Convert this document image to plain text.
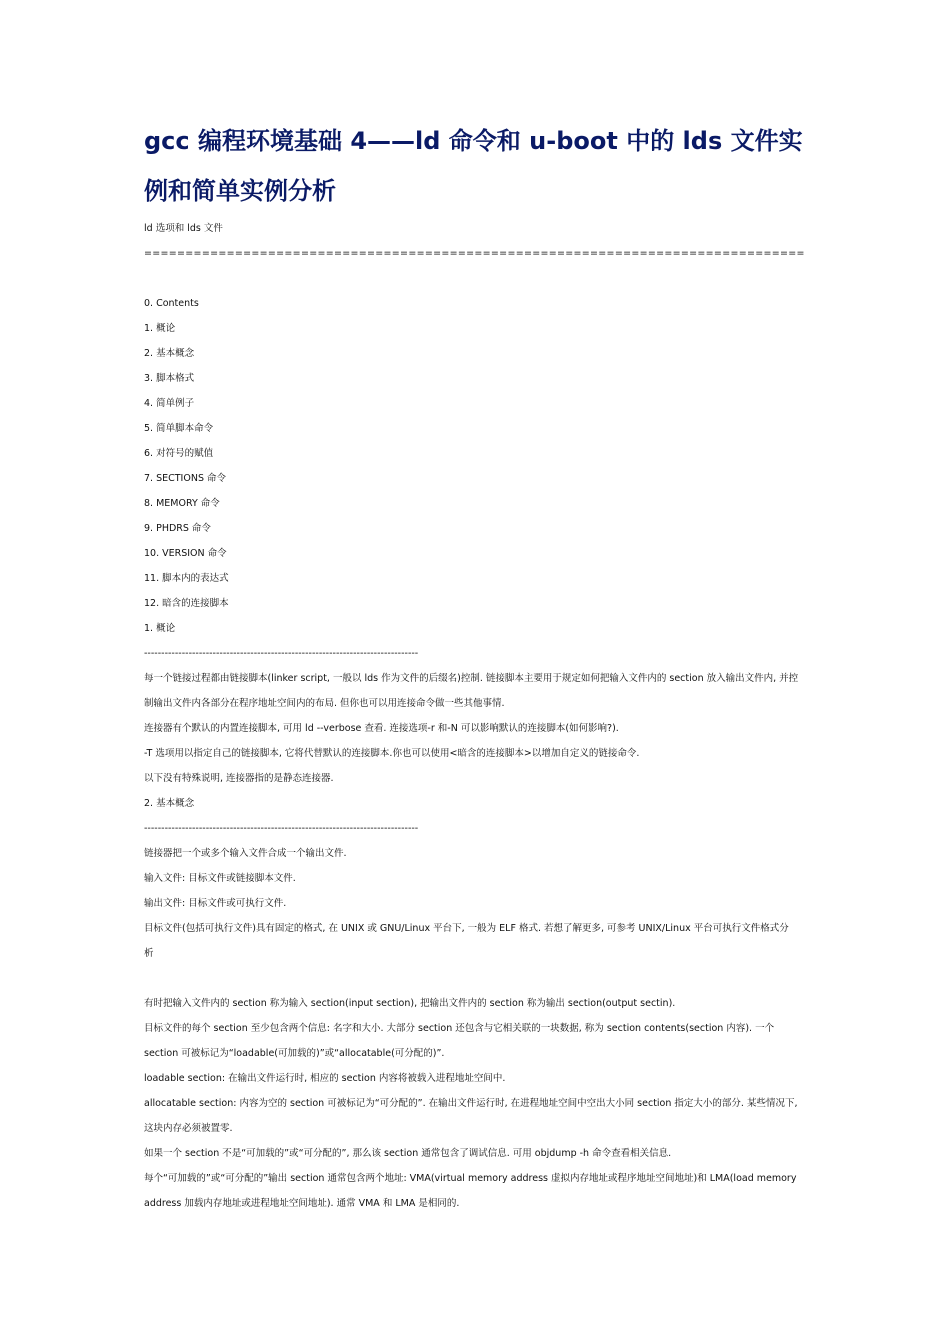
gcc 编程环境基础 4——ld 命令和 u-boot 中的 lds 文件实例和简单实例分析

ld 选项和 lds 文件

================================================================================

0. Contents

1. 概论

2. 基本概念

3. 脚本格式

4. 简单例子

5. 简单脚本命令

6. 对符号的赋值

7. SECTIONS 命令

8. MEMORY 命令

9. PHDRS 命令

10. VERSION 命令

11. 脚本内的表达式

12. 暗含的连接脚本

1. 概论

--------------------------------------------------------------------------------

每一个链接过程都由链接脚本(linker script, 一般以 lds 作为文件的后缀名)控制. 链接脚本主要用于规定如何把输入文件内的 section 放入输出文件内, 并控

制输出文件内各部分在程序地址空间内的布局. 但你也可以用连接命令做一些其他事情.

连接器有个默认的内置连接脚本, 可用 ld --verbose 查看. 连接选项-r 和-N 可以影响默认的连接脚本(如何影响?).

-T 选项用以指定自己的链接脚本, 它将代替默认的连接脚本.你也可以使用<暗含的连接脚本>以增加自定义的链接命令.

以下没有特殊说明, 连接器指的是静态连接器.

2. 基本概念

--------------------------------------------------------------------------------

链接器把一个或多个输入文件合成一个输出文件.

输入文件: 目标文件或链接脚本文件.

输出文件: 目标文件或可执行文件.

目标文件(包括可执行文件)具有固定的格式, 在 UNIX 或 GNU/Linux 平台下, 一般为 ELF 格式. 若想了解更多, 可参考 UNIX/Linux 平台可执行文件格式分

析

有时把输入文件内的 section 称为输入 section(input section), 把输出文件内的 section 称为输出 section(output sectin).

目标文件的每个 section 至少包含两个信息: 名字和大小. 大部分 section 还包含与它相关联的一块数据, 称为 section contents(section 内容). 一个

section 可被标记为“loadable(可加载的)”或“allocatable(可分配的)”.

loadable section: 在输出文件运行时, 相应的 section 内容将被载入进程地址空间中.

allocatable section: 内容为空的 section 可被标记为“可分配的”. 在输出文件运行时, 在进程地址空间中空出大小同 section 指定大小的部分. 某些情况下,

这块内存必须被置零.

如果一个 section 不是“可加载的”或“可分配的”, 那么该 section 通常包含了调试信息. 可用 objdump -h 命令查看相关信息.

每个“可加载的”或“可分配的”输出 section 通常包含两个地址: VMA(virtual memory address 虚拟内存地址或程序地址空间地址)和 LMA(load memory

address 加载内存地址或进程地址空间地址). 通常 VMA 和 LMA 是相同的.
